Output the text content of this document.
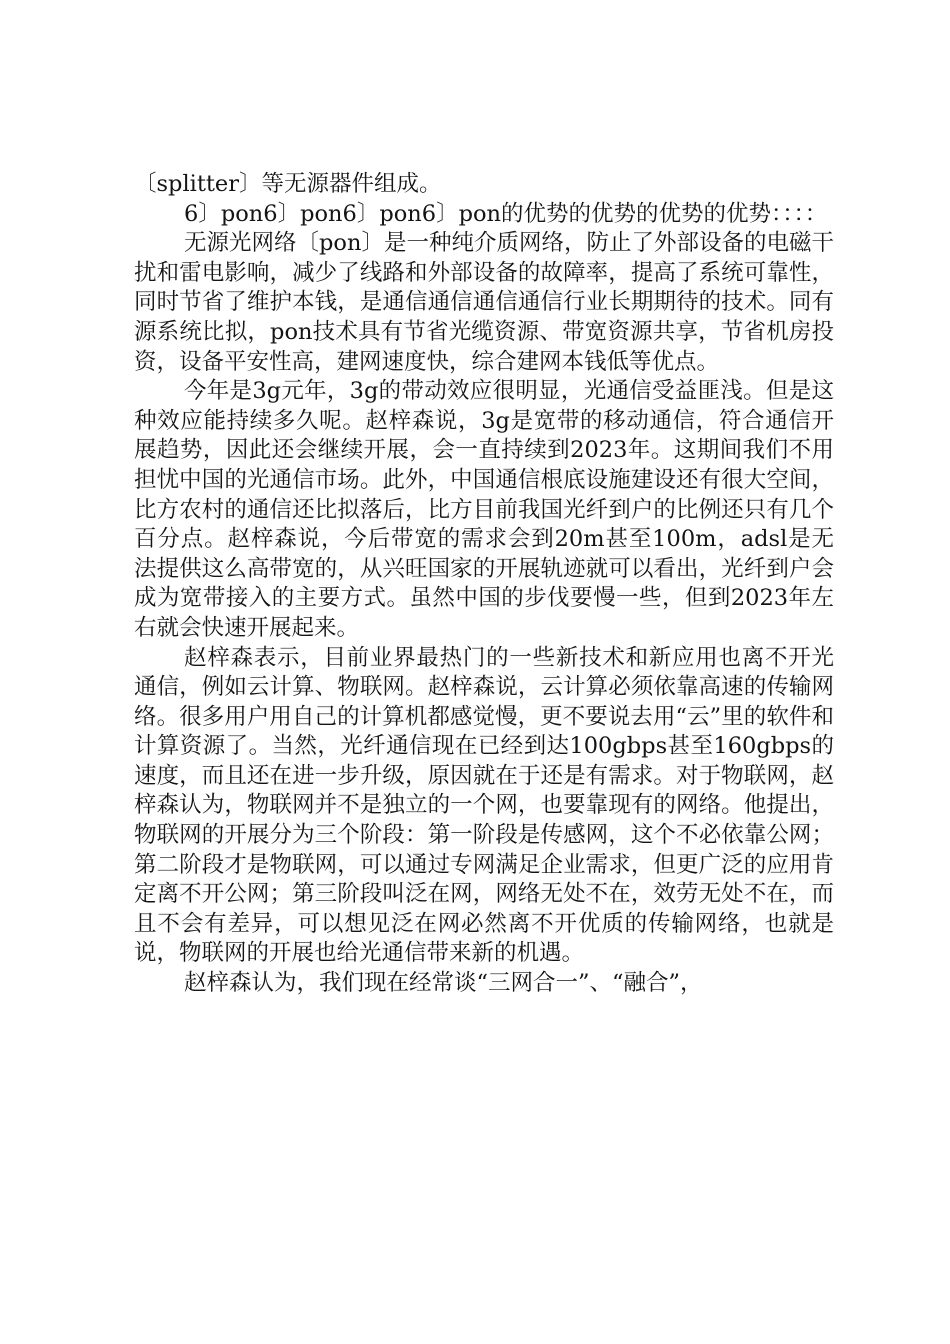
〔splitter〕等无源器件组成。

6〕pon6〕pon6〕pon6〕pon的优势的优势的优势的优势：：：：

无源光网络〔pon〕是一种纯介质网络，防止了外部设备的电磁干扰和雷电影响，减少了线路和外部设备的故障率，提高了系统可靠性，同时节省了维护本钱，是通信通信通信通信行业长期期待的技术。同有源系统比拟，pon技术具有节省光缆资源、带宽资源共享，节省机房投资，设备平安性高，建网速度快，综合建网本钱低等优点。

今年是3g元年，3g的带动效应很明显，光通信受益匪浅。但是这种效应能持续多久呢。赵梓森说，3g是宽带的移动通信，符合通信开展趋势，因此还会继续开展，会一直持续到2023年。这期间我们不用担忧中国的光通信市场。此外，中国通信根底设施建设还有很大空间，比方农村的通信还比拟落后，比方目前我国光纤到户的比例还只有几个百分点。赵梓森说，今后带宽的需求会到20m甚至100m，adsl是无法提供这么高带宽的，从兴旺国家的开展轨迹就可以看出，光纤到户会成为宽带接入的主要方式。虽然中国的步伐要慢一些，但到2023年左右就会快速开展起来。

赵梓森表示，目前业界最热门的一些新技术和新应用也离不开光通信，例如云计算、物联网。赵梓森说，云计算必须依靠高速的传输网络。很多用户用自己的计算机都感觉慢，更不要说去用“云”里的软件和计算资源了。当然，光纤通信现在已经到达100gbps甚至160gbps的速度，而且还在进一步升级，原因就在于还是有需求。对于物联网，赵梓森认为，物联网并不是独立的一个网，也要靠现有的网络。他提出，物联网的开展分为三个阶段：第一阶段是传感网，这个不必依靠公网；第二阶段才是物联网，可以通过专网满足企业需求，但更广泛的应用肯定离不开公网；第三阶段叫泛在网，网络无处不在，效劳无处不在，而且不会有差异，可以想见泛在网必然离不开优质的传输网络，也就是说，物联网的开展也给光通信带来新的机遇。

赵梓森认为，我们现在经常谈“三网合一”、“融合”，
